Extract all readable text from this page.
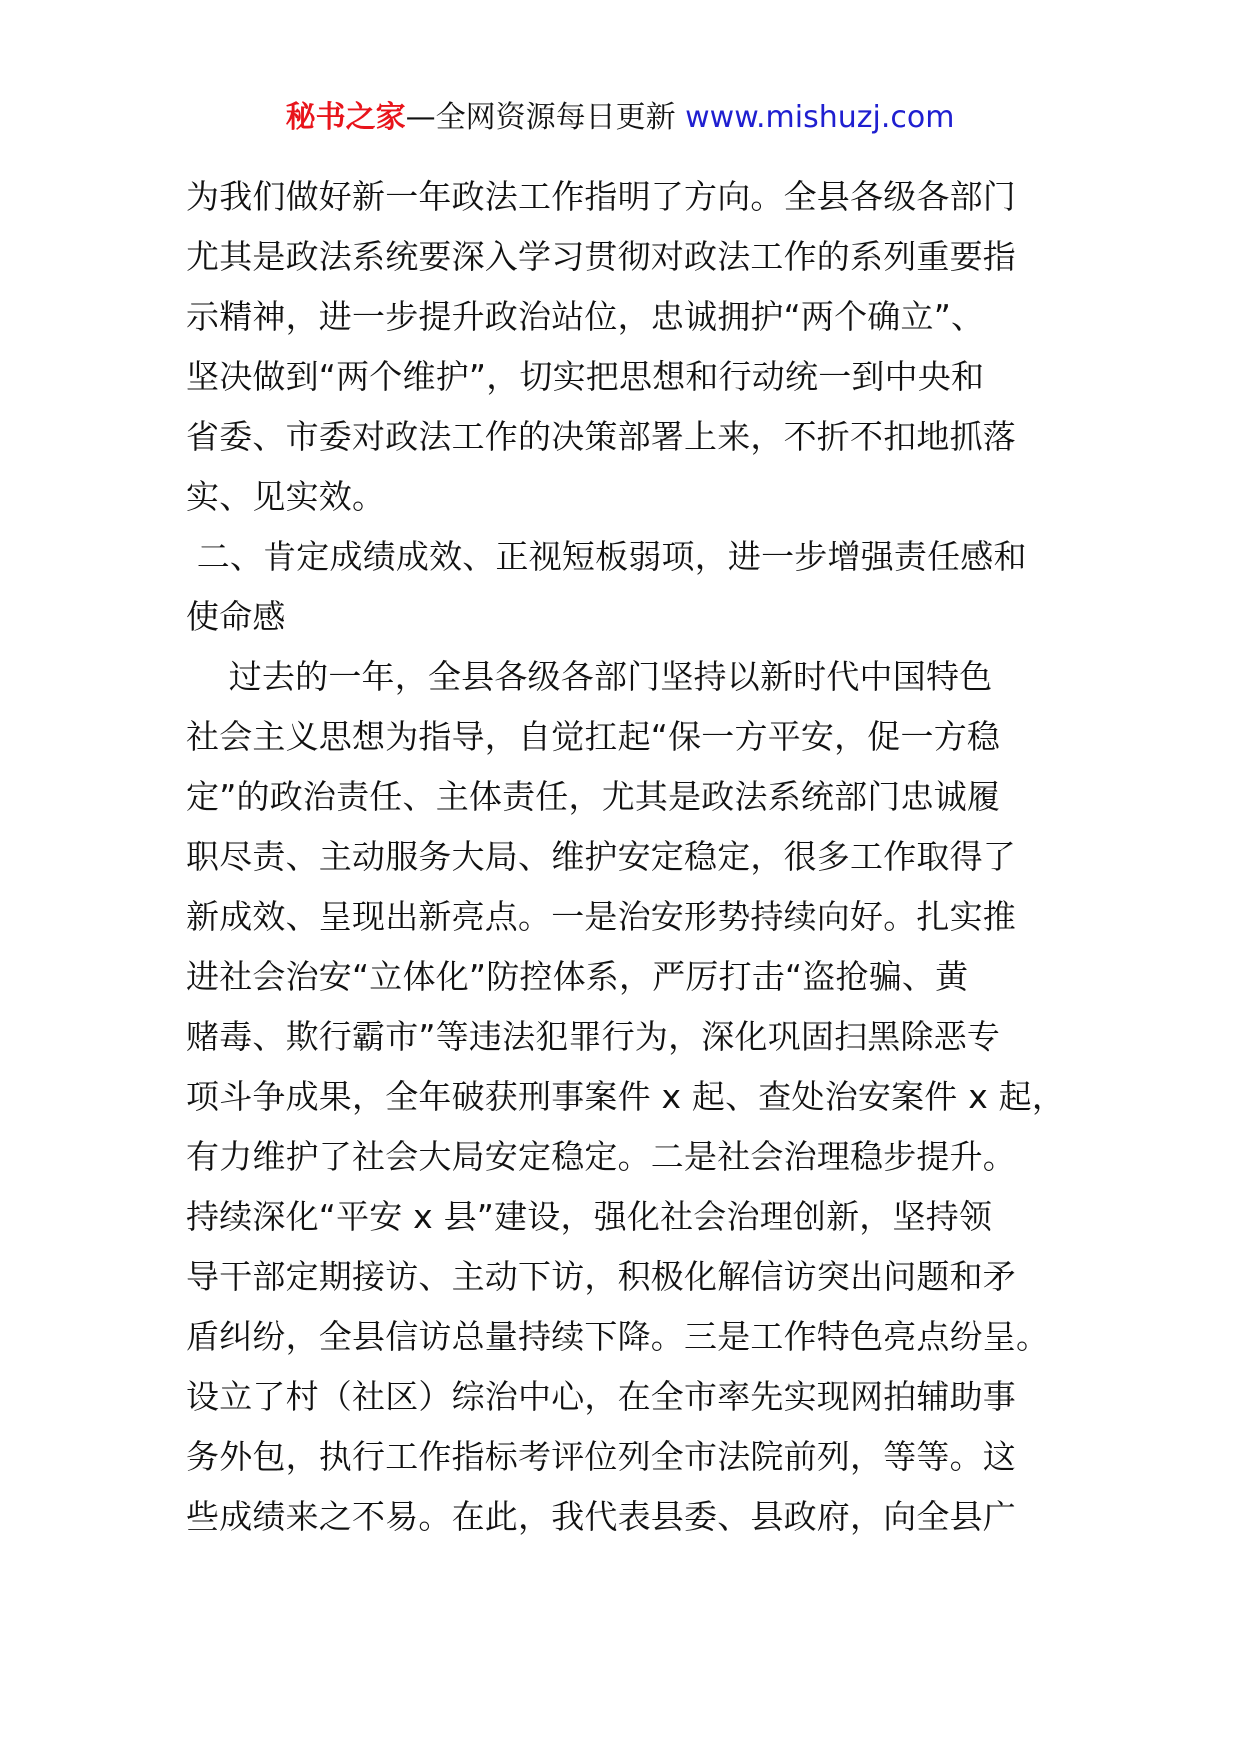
秘书之家—全网资源每日更新 www.mishuzj.com
为我们做好新一年政法工作指明了方向。全县各级各部门
尤其是政法系统要深入学习贯彻对政法工作的系列重要指
示精神，进一步提升政治站位，忠诚拥护“两个确立”、
坚决做到“两个维护”，切实把思想和行动统一到中央和
省委、市委对政法工作的决策部署上来，不折不扣地抓落
实、见实效。
二、肯定成绩成效、正视短板弱项，进一步增强责任感和
使命感
过去的一年，全县各级各部门坚持以新时代中国特色
社会主义思想为指导，自觉扛起“保一方平安，促一方稳
定”的政治责任、主体责任，尤其是政法系统部门忠诚履
职尽责、主动服务大局、维护安定稳定，很多工作取得了
新成效、呈现出新亮点。一是治安形势持续向好。扎实推
进社会治安“立体化”防控体系，严厉打击“盗抢骗、黄
赌毒、欺行霸市”等违法犯罪行为，深化巩固扫黑除恶专
项斗争成果，全年破获刑事案件 x 起、查处治安案件 x 起，
有力维护了社会大局安定稳定。二是社会治理稳步提升。
持续深化“平安 x 县”建设，强化社会治理创新，坚持领
导干部定期接访、主动下访，积极化解信访突出问题和矛
盾纠纷，全县信访总量持续下降。三是工作特色亮点纷呈。
设立了村（社区）综治中心，在全市率先实现网拍辅助事
务外包，执行工作指标考评位列全市法院前列，等等。这
些成绩来之不易。在此，我代表县委、县政府，向全县广
